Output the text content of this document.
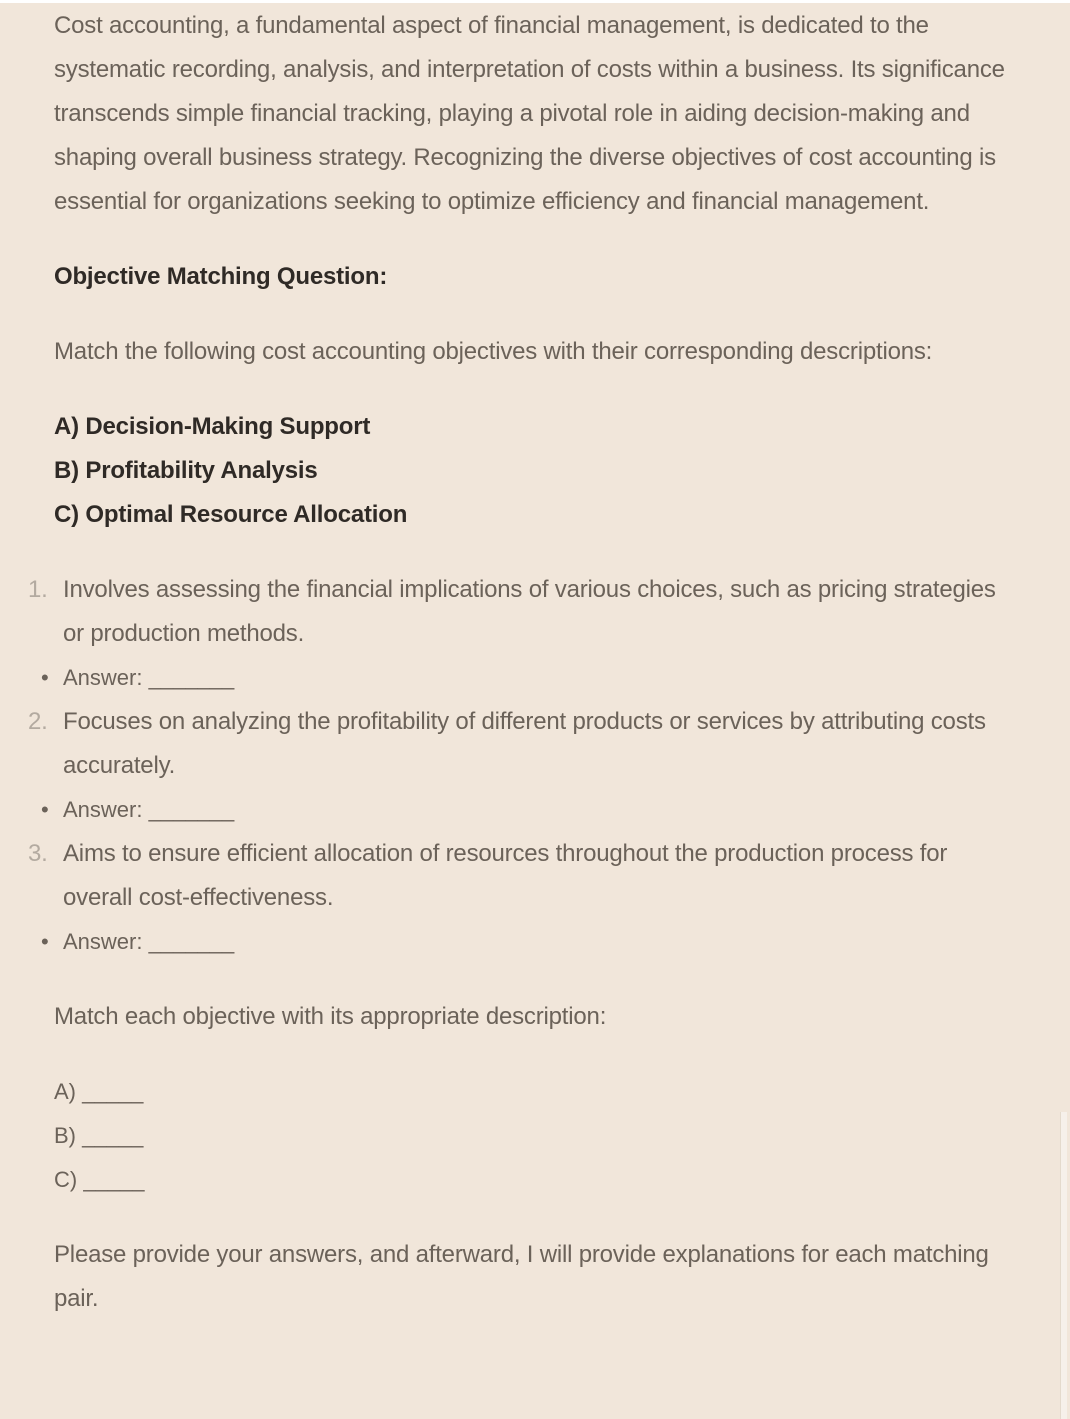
Cost accounting, a fundamental aspect of financial management, is dedicated to the systematic recording, analysis, and interpretation of costs within a business. Its significance transcends simple financial tracking, playing a pivotal role in aiding decision-making and shaping overall business strategy. Recognizing the diverse objectives of cost accounting is essential for organizations seeking to optimize efficiency and financial management.

Objective Matching Question:

Match the following cost accounting objectives with their corresponding descriptions:

A) Decision-Making Support
B) Profitability Analysis
C) Optimal Resource Allocation
1. Involves assessing the financial implications of various choices, such as pricing strategies or production methods.
• Answer: _______
2. Focuses on analyzing the profitability of different products or services by attributing costs accurately.
• Answer: _______
3. Aims to ensure efficient allocation of resources throughout the production process for overall cost-effectiveness.
• Answer: _______

Match each objective with its appropriate description:

A) _____
B) _____
C) _____

Please provide your answers, and afterward, I will provide explanations for each matching pair.
